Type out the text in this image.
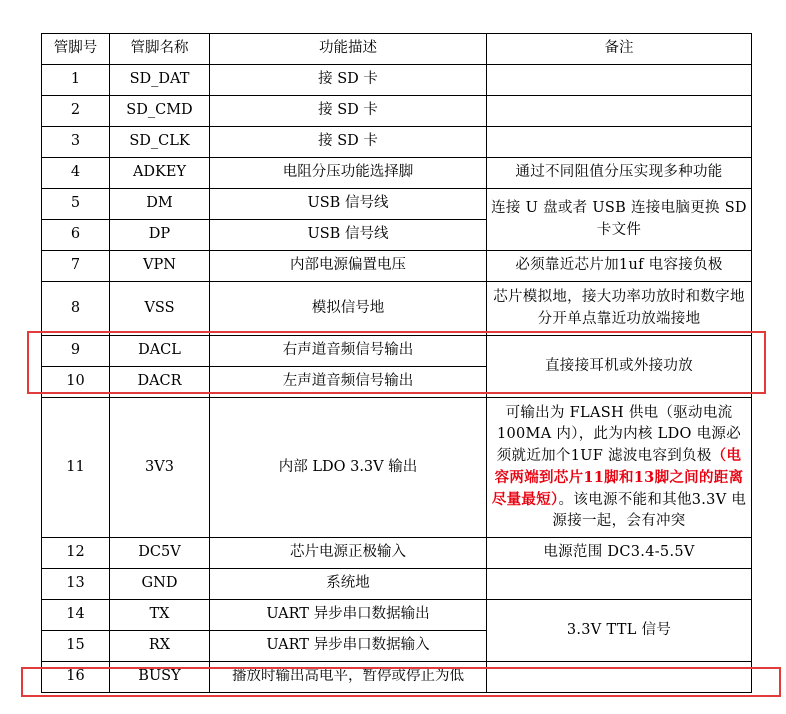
管脚号	管脚名称	功能描述	备注
1	SD_DAT	接 SD 卡	
2	SD_CMD	接 SD 卡	
3	SD_CLK	接 SD 卡	
4	ADKEY	电阻分压功能选择脚	通过不同阻值分压实现多种功能
5	DM	USB 信号线	连接 U 盘或者 USB 连接电脑更换 SD 卡文件
6	DP	USB 信号线	
7	VPN	内部电源偏置电压	必须靠近芯片加1uf 电容接负极
8	VSS	模拟信号地	芯片模拟地，接大功率功放时和数字地分开单点靠近功放端接地
9	DACL	右声道音频信号输出	直接接耳机或外接功放
10	DACR	左声道音频信号输出	
11	3V3	内部 LDO 3.3V 输出	可输出为 FLASH 供电（驱动电流100MA 内），此为内核 LDO 电源必须就近加个1UF 滤波电容到负极（电容两端到芯片11脚和13脚之间的距离尽量最短）。该电源不能和其他3.3V 电源接一起，会有冲突
12	DC5V	芯片电源正极输入	电源范围 DC3.4-5.5V
13	GND	系统地	
14	TX	UART 异步串口数据输出	3.3V TTL 信号
15	RX	UART 异步串口数据输入	
16	BUSY	播放时输出高电平，暂停或停止为低	
